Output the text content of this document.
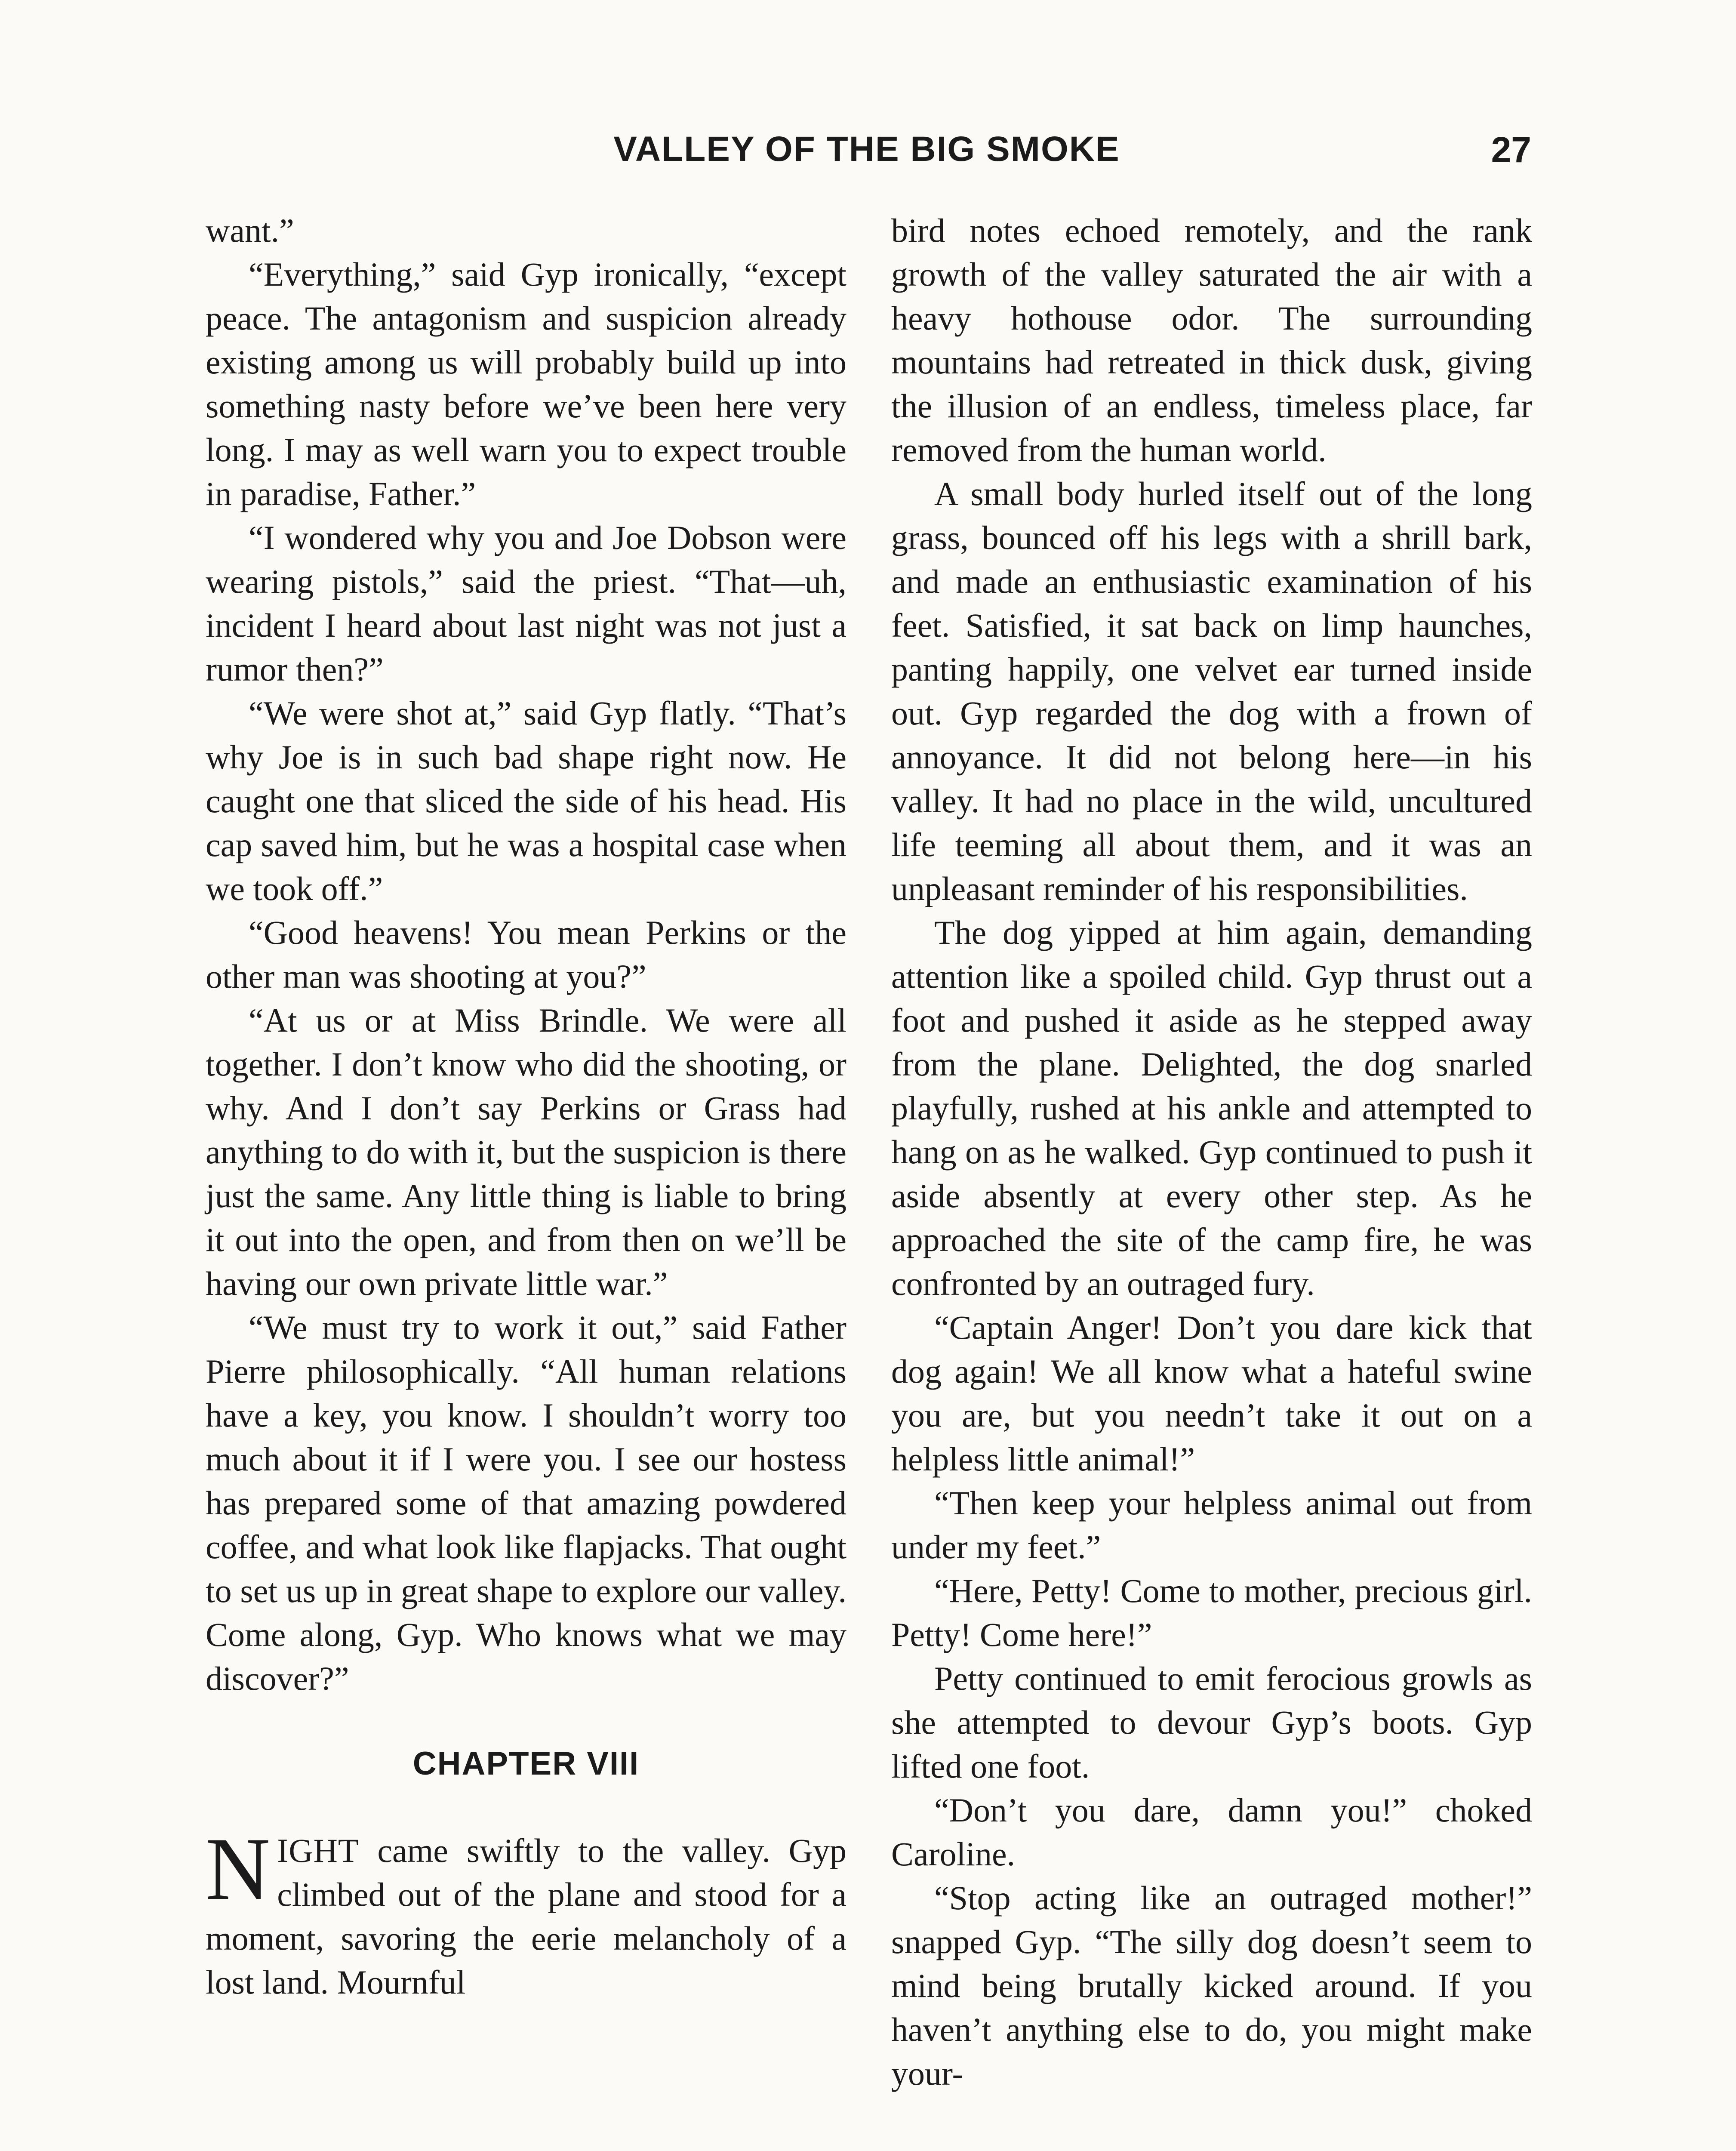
VALLEY OF THE BIG SMOKE	27

want.”

“Everything,” said Gyp ironically, “except peace. The antagonism and suspicion already existing among us will probably build up into something nasty before we’ve been here very long. I may as well warn you to expect trouble in paradise, Father.”

“I wondered why you and Joe Dobson were wearing pistols,” said the priest. “That—uh, incident I heard about last night was not just a rumor then?”

“We were shot at,” said Gyp flatly. “That’s why Joe is in such bad shape right now. He caught one that sliced the side of his head. His cap saved him, but he was a hospital case when we took off.”

“Good heavens! You mean Perkins or the other man was shooting at you?”

“At us or at Miss Brindle. We were all together. I don’t know who did the shooting, or why. And I don’t say Perkins or Grass had anything to do with it, but the suspicion is there just the same. Any little thing is liable to bring it out into the open, and from then on we’ll be having our own private little war.”

“We must try to work it out,” said Father Pierre philosophically. “All human relations have a key, you know. I shouldn’t worry too much about it if I were you. I see our hostess has prepared some of that amazing powdered coffee, and what look like flapjacks. That ought to set us up in great shape to explore our valley. Come along, Gyp. Who knows what we may discover?”

CHAPTER VIII

NIGHT came swiftly to the valley. Gyp climbed out of the plane and stood for a moment, savoring the eerie melancholy of a lost land. Mournful

bird notes echoed remotely, and the rank growth of the valley saturated the air with a heavy hothouse odor. The surrounding mountains had retreated in thick dusk, giving the illusion of an endless, timeless place, far removed from the human world.

A small body hurled itself out of the long grass, bounced off his legs with a shrill bark, and made an enthusiastic examination of his feet. Satisfied, it sat back on limp haunches, panting happily, one velvet ear turned inside out. Gyp regarded the dog with a frown of annoyance. It did not belong here—in his valley. It had no place in the wild, uncultured life teeming all about them, and it was an unpleasant reminder of his responsibilities.

The dog yipped at him again, demanding attention like a spoiled child. Gyp thrust out a foot and pushed it aside as he stepped away from the plane. Delighted, the dog snarled playfully, rushed at his ankle and attempted to hang on as he walked. Gyp continued to push it aside absently at every other step. As he approached the site of the camp fire, he was confronted by an outraged fury.

“Captain Anger! Don’t you dare kick that dog again! We all know what a hateful swine you are, but you needn’t take it out on a helpless little animal!”

“Then keep your helpless animal out from under my feet.”

“Here, Petty! Come to mother, precious girl. Petty! Come here!”

Petty continued to emit ferocious growls as she attempted to devour Gyp’s boots. Gyp lifted one foot.

“Don’t you dare, damn you!” choked Caroline.

“Stop acting like an outraged mother!” snapped Gyp. “The silly dog doesn’t seem to mind being brutally kicked around. If you haven’t anything else to do, you might make your-
